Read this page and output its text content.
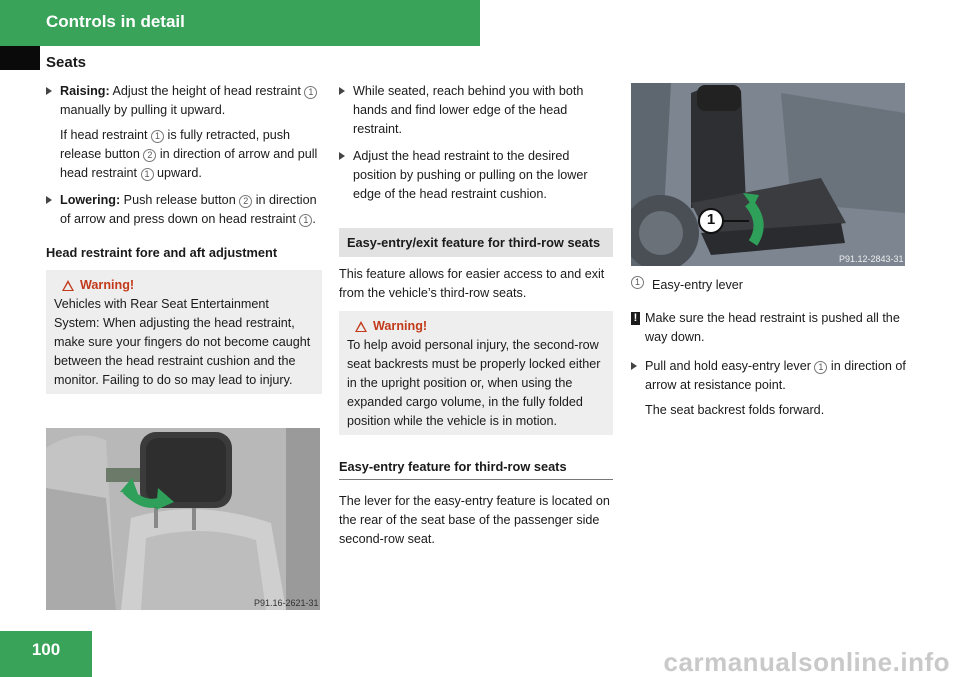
Controls in detail
Seats

Raising: Adjust the height of head restraint 1 manually by pulling it upward.

If head restraint 1 is fully retracted, push release button 2 in direction of arrow and pull head restraint 1 upward.

Lowering: Push release button 2 in direction of arrow and press down on head restraint 1 .

Head restraint fore and aft adjustment
Warning!
Vehicles with Rear Seat Entertainment System: When adjusting the head restraint, make sure your fingers do not become caught between the head restraint cushion and the monitor. Failing to do so may lead to injury.
P91.16-2621-31

While seated, reach behind you with both hands and find lower edge of the head restraint.

Adjust the head restraint to the desired position by pushing or pulling on the lower edge of the head restraint cushion.

Easy-entry/exit feature for third-row seats
This feature allows for easier access to and exit from the vehicle’s third-row seats.
Warning!
To help avoid personal injury, the second-row seat backrests must be properly locked either in the upright position or, when using the expanded cargo volume, in the fully folded position while the vehicle is in motion.
Easy-entry feature for third-row seats
The lever for the easy-entry feature is located on the rear of the seat base of the passenger side second-row seat.
1
P91.12-2843-31
1 Easy-entry lever
! Make sure the head restraint is pushed all the way down.

Pull and hold easy-entry lever 1 in direction of arrow at resistance point.

The seat backrest folds forward.

100	carmanualsonline.info
